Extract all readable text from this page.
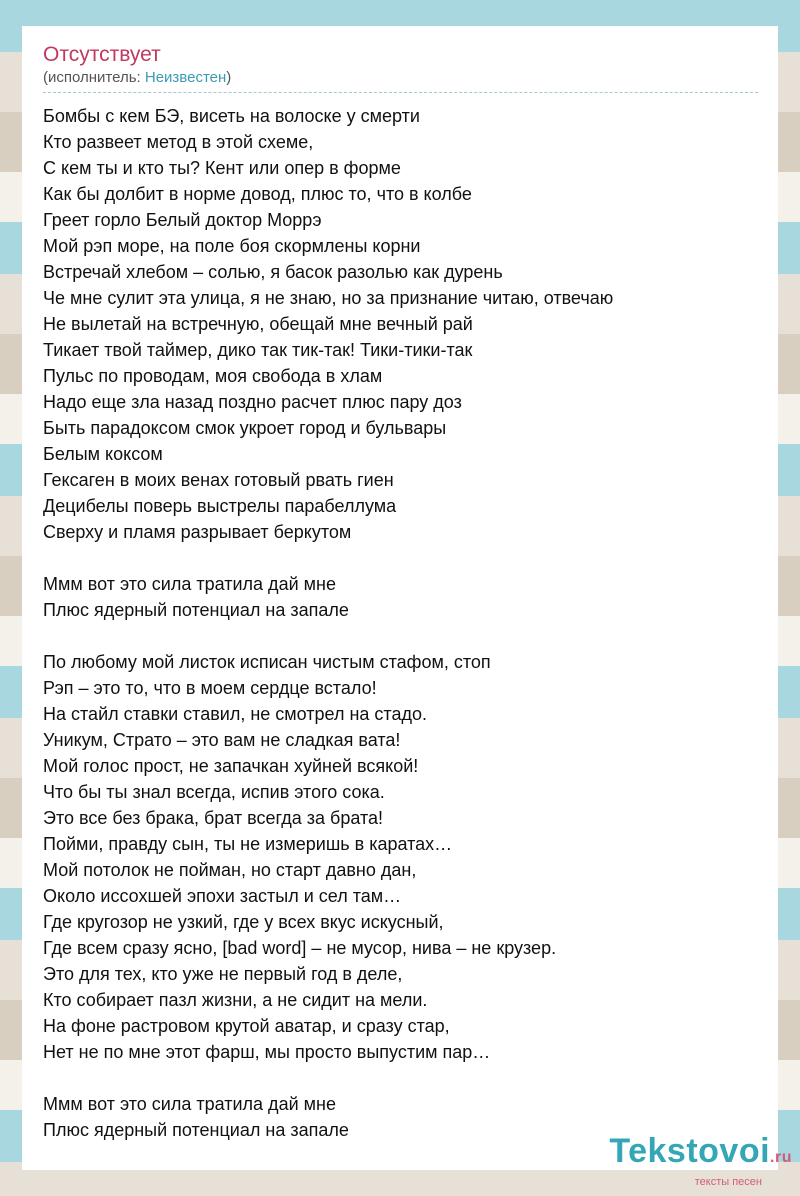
Отсутствует
(исполнитель: Неизвестен)
Бомбы с кем БЭ, висеть на волоске у смерти
Кто развеет метод в этой схеме,
С кем ты и кто ты? Кент или опер в форме
Как бы долбит в норме довод, плюс то, что в колбе
Греет горло Белый доктор Моррэ
Мой рэп море, на поле боя скормлены корни
Встречай хлебом – солью, я басок разолью как дурень
Че мне сулит эта улица, я не знаю, но за признание читаю, отвечаю
Не вылетай на встречную, обещай мне вечный рай
Тикает твой таймер, дико так тик-так! Тики-тики-так
Пульс по проводам, моя свобода в хлам
Надо еще зла назад поздно расчет плюс пару доз
Быть парадоксом смок укроет город и бульвары
Белым коксом
Гексаген в моих венах готовый рвать гиен
Децибелы поверь выстрелы парабеллума
Сверху и пламя разрывает беркутом
Ммм вот это сила тратила дай мне
Плюс ядерный потенциал на запале
По любому мой листок исписан чистым стафом, стоп
Рэп – это то, что в моем сердце встало!
На стайл ставки ставил, не смотрел на стадо.
Уникум, Страто – это вам не сладкая вата!
Мой голос прост, не запачкан хуйней всякой!
Что бы ты знал всегда, испив этого сока.
Это все без брака, брат всегда за брата!
Пойми, правду сын, ты не измеришь в каратах…
Мой потолок не пойман, но старт давно дан,
Около иссохшей эпохи застыл и сел там…
Где кругозор не узкий, где у всех вкус искусный,
Где всем сразу ясно, [bad word] – не мусор, нива – не крузер.
Это для тех, кто уже не первый год в деле,
Кто собирает пазл жизни, а не сидит на мели.
На фоне растровом крутой аватар, и сразу стар,
Нет не по мне этот фарш, мы просто выпустим пар…
Ммм вот это сила тратила дай мне
Плюс ядерный потенциал на запале
Tekstovoi.ru
тексты песен
